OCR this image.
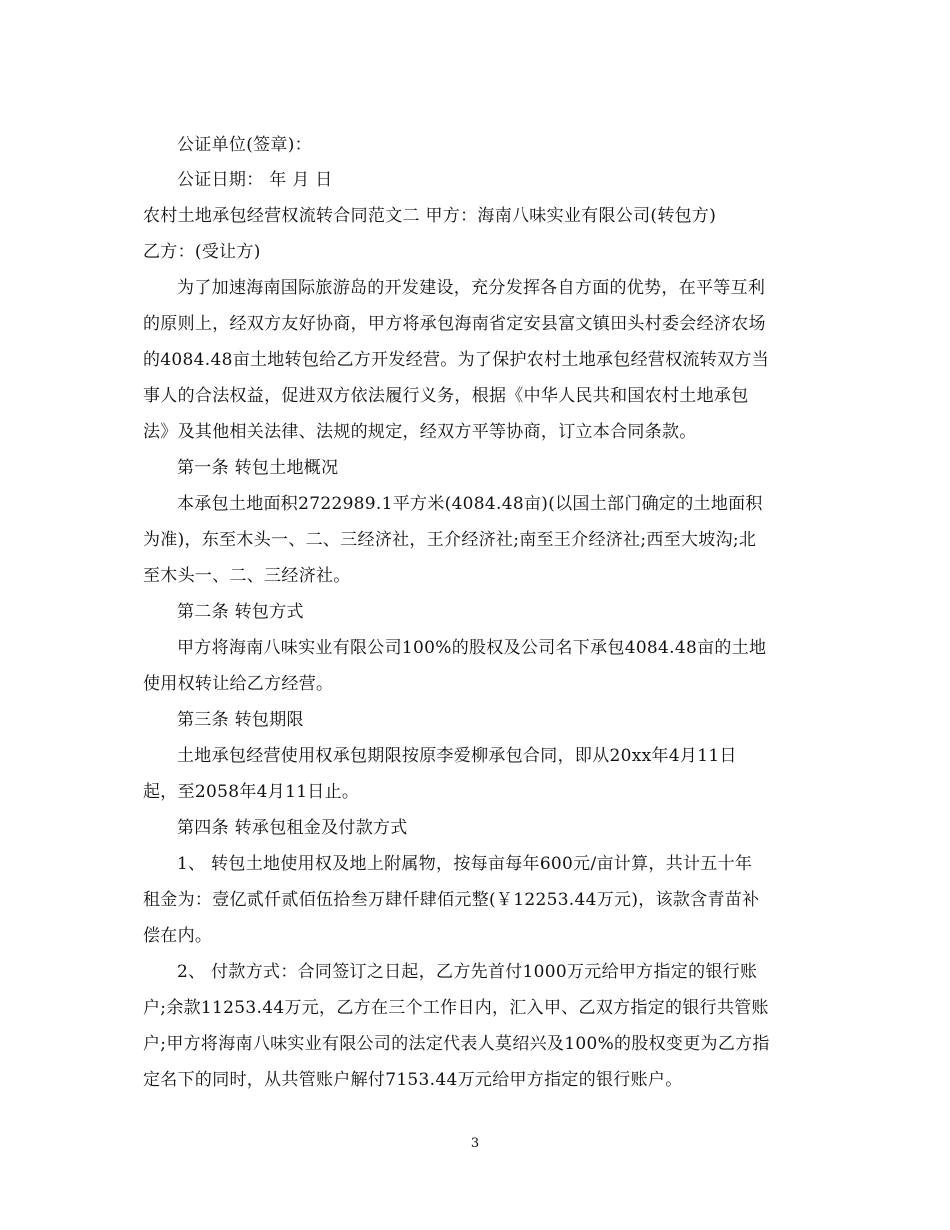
公证单位(签章)：
公证日期： 年 月 日
农村土地承包经营权流转合同范文二 甲方：海南八味实业有限公司(转包方)
乙方：(受让方)
为了加速海南国际旅游岛的开发建设，充分发挥各自方面的优势，在平等互利
的原则上，经双方友好协商，甲方将承包海南省定安县富文镇田头村委会经济农场
的4084.48亩土地转包给乙方开发经营。为了保护农村土地承包经营权流转双方当
事人的合法权益，促进双方依法履行义务，根据《中华人民共和国农村土地承包
法》及其他相关法律、法规的规定，经双方平等协商，订立本合同条款。
第一条 转包土地概况
本承包土地面积2722989.1平方米(4084.48亩)(以国土部门确定的土地面积
为准)，东至木头一、二、三经济社，王介经济社;南至王介经济社;西至大坡沟;北
至木头一、二、三经济社。
第二条 转包方式
甲方将海南八味实业有限公司100%的股权及公司名下承包4084.48亩的土地
使用权转让给乙方经营。
第三条 转包期限
土地承包经营使用权承包期限按原李爱柳承包合同，即从20xx年4月11日
起，至2058年4月11日止。
第四条 转承包租金及付款方式
1、 转包土地使用权及地上附属物，按每亩每年600元/亩计算，共计五十年
租金为：壹亿贰仟贰佰伍拾叁万肆仟肆佰元整(￥12253.44万元)，该款含青苗补
偿在内。
2、 付款方式：合同签订之日起，乙方先首付1000万元给甲方指定的银行账
户;余款11253.44万元，乙方在三个工作日内，汇入甲、乙双方指定的银行共管账
户;甲方将海南八味实业有限公司的法定代表人莫绍兴及100%的股权变更为乙方指
定名下的同时，从共管账户解付7153.44万元给甲方指定的银行账户。
3
